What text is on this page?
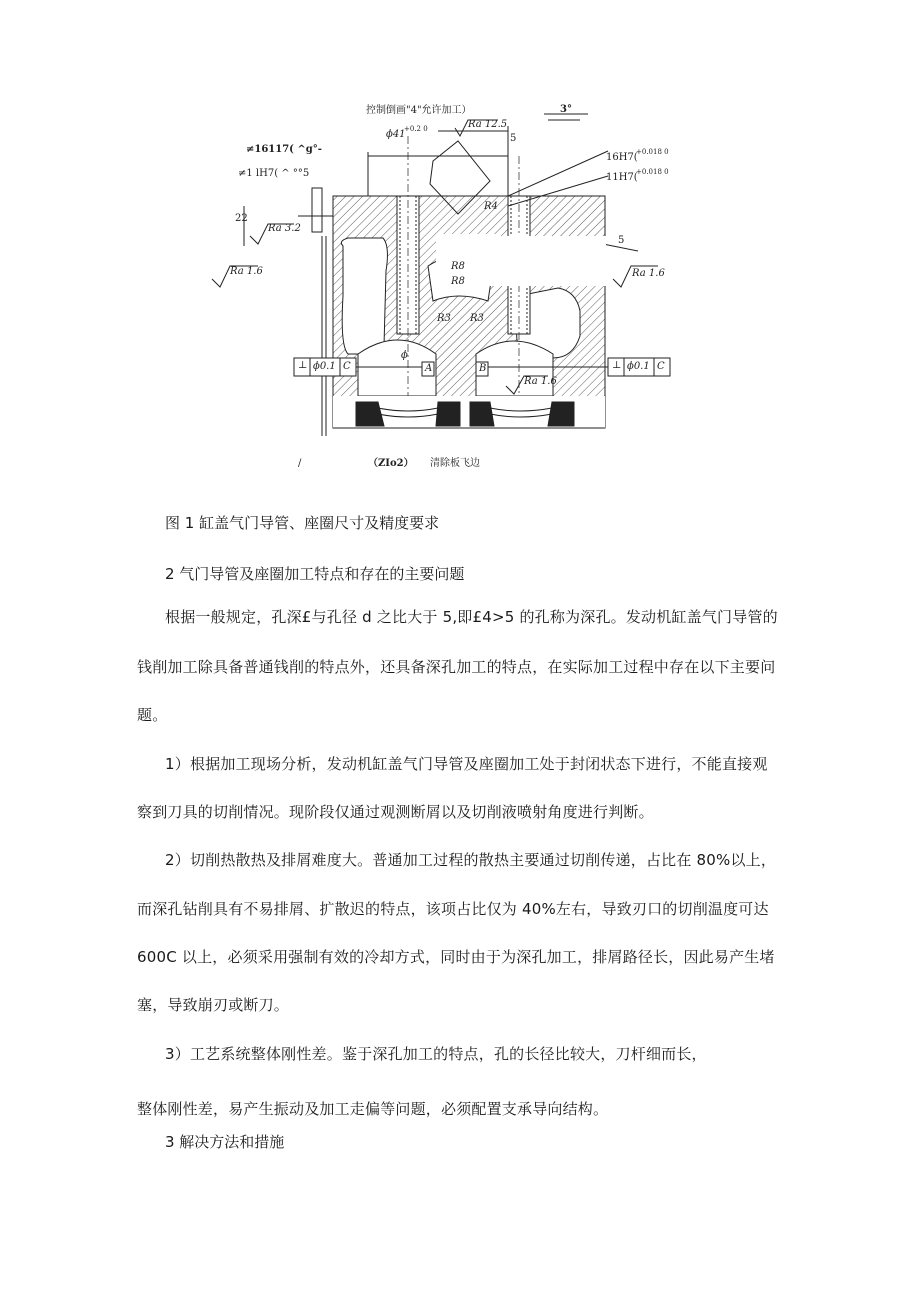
控制倒画"4"允许加工）	3°
ϕ41
+0.2 0	Ra 12.5
≠16117( ^g°-
≠1 lH7( ^ °°5
16H7(
+0.018 0
11H7(
+0.018 0
Ra 3.2
22
Ra 1.6	Ra 1.6
Ra 1.6
R4
R8
R8
R3 R3
5
5
⊥ ϕ0.1 C	⊥ ϕ0.1 C
A	B
ϕ
/	（ZIo2） 清除板飞边
图 1 缸盖气门导管、座圈尺寸及精度要求
2 气门导管及座圈加工特点和存在的主要问题
根据一般规定，孔深£与孔径 d 之比大于 5,即£4>5 的孔称为深孔。发动机缸盖气门导管的
钱削加工除具备普通钱削的特点外，还具备深孔加工的特点，在实际加工过程中存在以下主要问
题。
1）根据加工现场分析，发动机缸盖气门导管及座圈加工处于封闭状态下进行，不能直接观
察到刀具的切削情况。现阶段仅通过观测断屑以及切削液喷射角度进行判断。
2）切削热散热及排屑难度大。普通加工过程的散热主要通过切削传递，占比在 80%以上，
而深孔钻削具有不易排屑、扩散迟的特点，该项占比仅为 40%左右，导致刃口的切削温度可达
600C 以上，必须采用强制有效的冷却方式，同时由于为深孔加工，排屑路径长，因此易产生堵
塞，导致崩刃或断刀。
3）工艺系统整体刚性差。鉴于深孔加工的特点，孔的长径比较大，刀杆细而长，
整体刚性差，易产生振动及加工走偏等问题，必须配置支承导向结构。
3 解决方法和措施
